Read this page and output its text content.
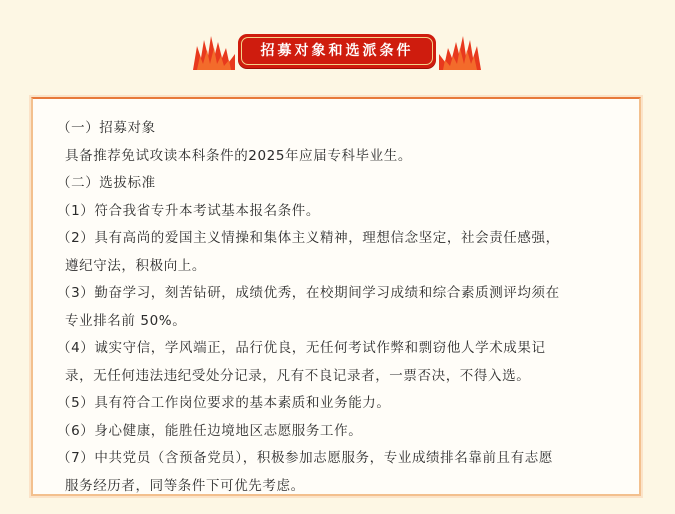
招募对象和选派条件
（一）招募对象
具备推荐免试攻读本科条件的2025年应届专科毕业生。
（二）选拔标准
（1）符合我省专升本考试基本报名条件。
（2）具有高尚的爱国主义情操和集体主义精神，理想信念坚定，社会责任感强，
遵纪守法，积极向上。
（3）勤奋学习，刻苦钻研，成绩优秀，在校期间学习成绩和综合素质测评均须在
专业排名前 50%。
（4）诚实守信，学风端正，品行优良，无任何考试作弊和剽窃他人学术成果记
录，无任何违法违纪受处分记录，凡有不良记录者，一票否决，不得入选。
（5）具有符合工作岗位要求的基本素质和业务能力。
（6）身心健康，能胜任边境地区志愿服务工作。
（7）中共党员（含预备党员），积极参加志愿服务，专业成绩排名靠前且有志愿
服务经历者，同等条件下可优先考虑。
